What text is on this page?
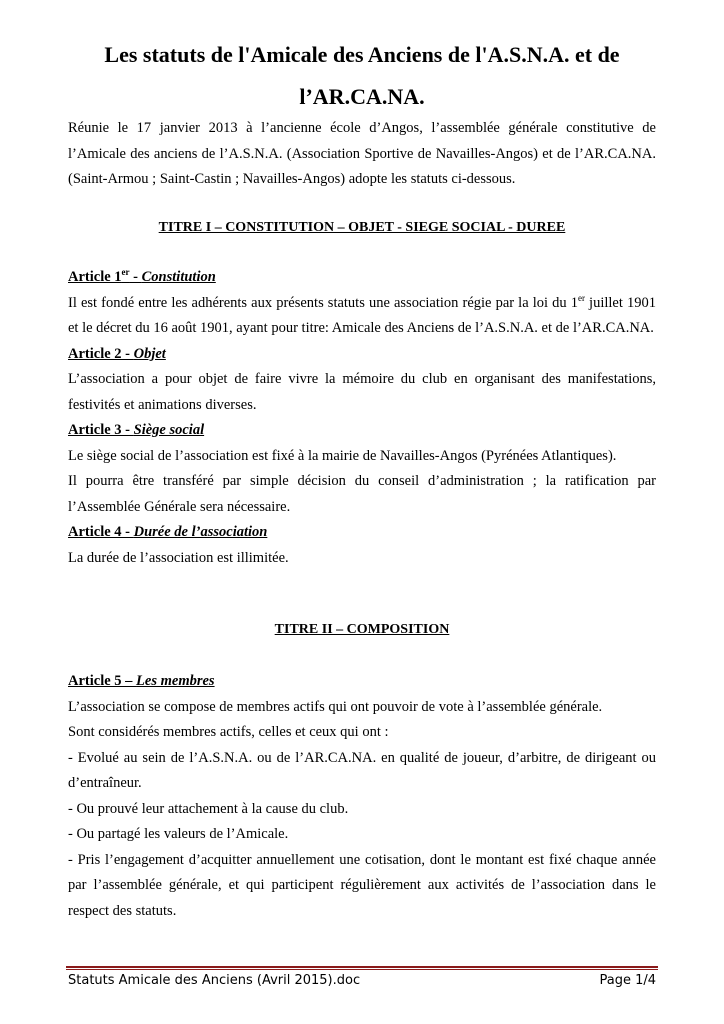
Les statuts de l'Amicale des Anciens de l'A.S.N.A. et de
l’AR.CA.NA.

Réunie le 17 janvier 2013 à l’ancienne école d’Angos, l’assemblée générale constitutive de l’Amicale des anciens de l’A.S.N.A. (Association Sportive de Navailles-Angos) et de l’AR.CA.NA. (Saint-Armou ; Saint-Castin ; Navailles-Angos) adopte les statuts ci-dessous.

TITRE I – CONSTITUTION – OBJET - SIEGE SOCIAL - DUREE

Article 1er - Constitution

Il est fondé entre les adhérents aux présents statuts une association régie par la loi du 1er juillet 1901 et le décret du 16 août 1901, ayant pour titre: Amicale des Anciens de l’A.S.N.A. et de l’AR.CA.NA.

Article 2 - Objet

L’association a pour objet de faire vivre la mémoire du club en organisant des manifestations, festivités et animations diverses.

Article 3 - Siège social

Le siège social de l’association est fixé à la mairie de Navailles-Angos (Pyrénées Atlantiques).

Il pourra être transféré par simple décision du conseil d’administration ; la ratification par l’Assemblée Générale sera nécessaire.

Article 4 - Durée de l’association

La durée de l’association est illimitée.

TITRE II – COMPOSITION

Article 5 – Les membres

L’association se compose de membres actifs qui ont pouvoir de vote à l’assemblée générale.

Sont considérés membres actifs, celles et ceux qui ont :

- Evolué au sein de l’A.S.N.A. ou de l’AR.CA.NA. en qualité de joueur, d’arbitre, de dirigeant ou d’entraîneur.

- Ou prouvé leur attachement à la cause du club.

- Ou partagé les valeurs de l’Amicale.

- Pris l’engagement d’acquitter annuellement une cotisation, dont le montant est fixé chaque année par l’assemblée générale, et qui participent régulièrement aux activités de l’association dans le respect des statuts.

Statuts Amicale des Anciens (Avril 2015).doc	Page 1/4
